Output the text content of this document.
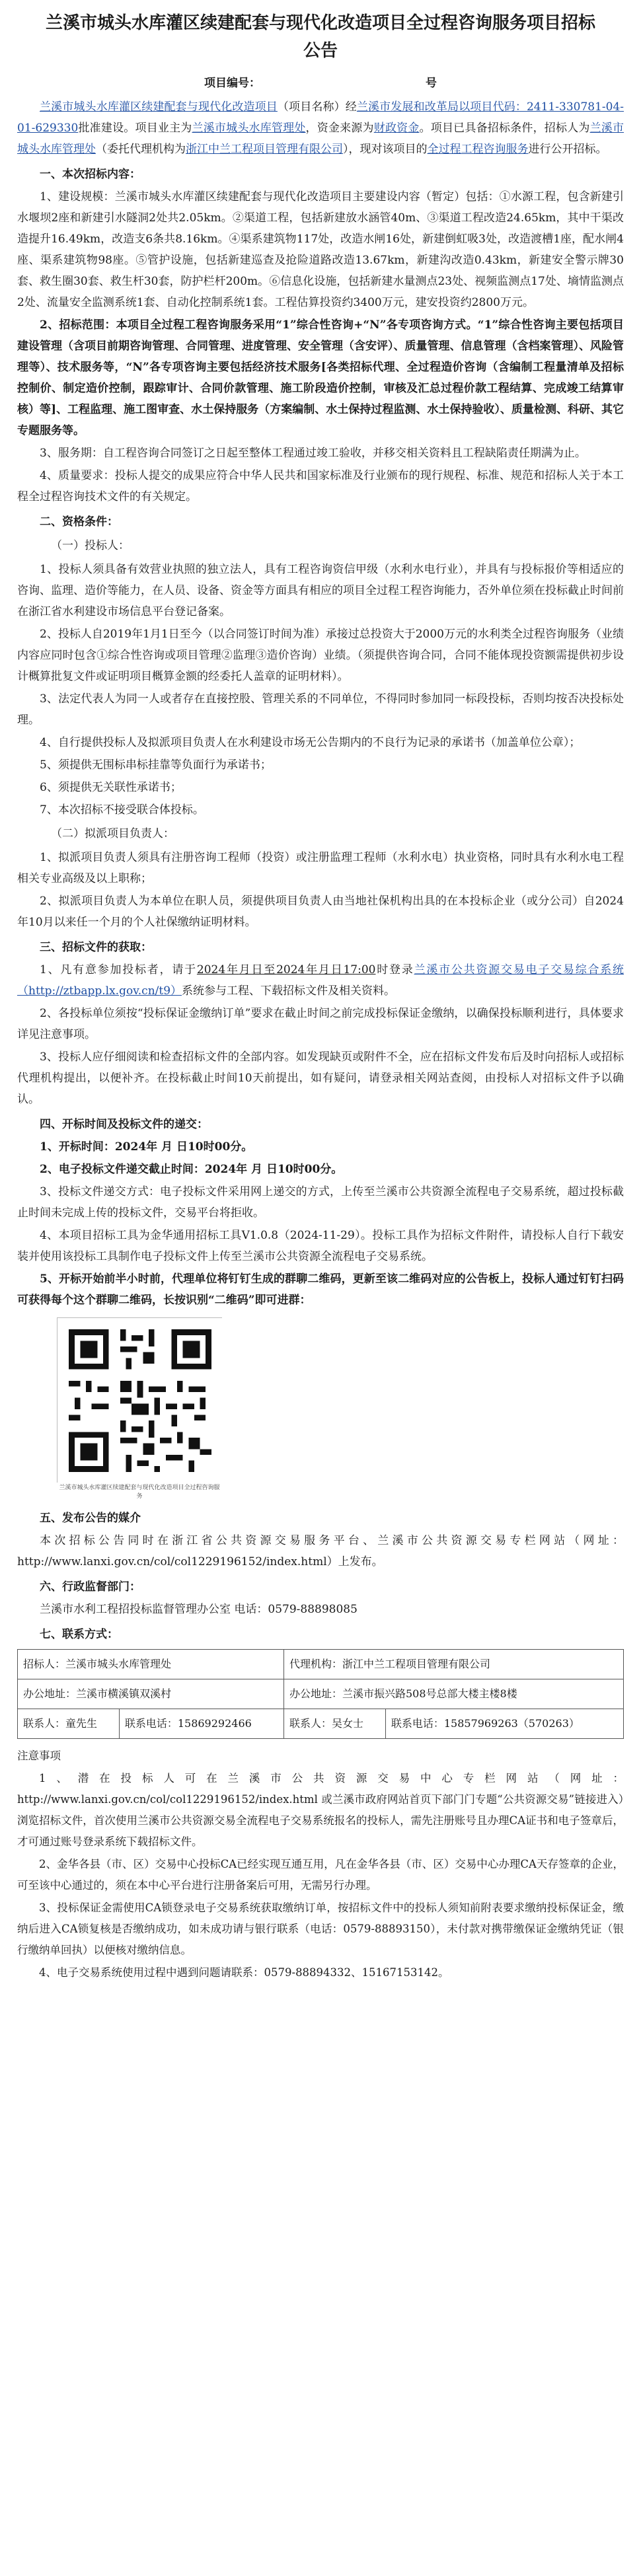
兰溪市城头水库灌区续建配套与现代化改造项目全过程咨询服务项目招标公告
项目编号：	号

兰溪市城头水库灌区续建配套与现代化改造项目（项目名称）经兰溪市发展和改革局以项目代码：2411-330781-04-01-629330批准建设。项目业主为兰溪市城头水库管理处，资金来源为财政资金。项目已具备招标条件，招标人为兰溪市城头水库管理处（委托代理机构为浙江中兰工程项目管理有限公司），现对该项目的全过程工程咨询服务进行公开招标。

一、本次招标内容：

1、建设规模：兰溪市城头水库灌区续建配套与现代化改造项目主要建设内容（暂定）包括：①水源工程，包含新建引水堰坝2座和新建引水隧洞2处共2.05km。②渠道工程，包括新建放水涵管40m、③渠道工程改造24.65km，其中干渠改造提升16.49km，改造支6条共8.16km。④渠系建筑物117处，改造水闸16处，新建倒虹吸3处，改造渡槽1座，配水闸4座、渠系建筑物98座。⑤管护设施，包括新建巡查及抢险道路改造13.67km，新建沟改造0.43km，新建安全警示牌30套、救生圈30套、救生杆30套，防护栏杆200m。⑥信息化设施，包括新建水量测点23处、视频监测点17处、墒情监测点2处、流量安全监测系统1套、自动化控制系统1套。工程估算投资约3400万元，建安投资约2800万元。

2、招标范围：本项目全过程工程咨询服务采用“1”综合性咨询+“N”各专项咨询方式。“1”综合性咨询主要包括项目建设管理（含项目前期咨询管理、合同管理、进度管理、安全管理（含安评）、质量管理、信息管理（含档案管理）、风险管理等）、技术服务等，“N”各专项咨询主要包括经济技术服务[各类招标代理、全过程造价咨询（含编制工程量清单及招标控制价、制定造价控制，跟踪审计、合同价款管理、施工阶段造价控制，审核及汇总过程价款工程结算、完成竣工结算审核）等]、工程监理、施工图审查、水土保持服务（方案编制、水土保持过程监测、水土保持验收）、质量检测、科研、其它专题服务等。

3、服务期：自工程咨询合同签订之日起至整体工程通过竣工验收，并移交相关资料且工程缺陷责任期满为止。

4、质量要求：投标人提交的成果应符合中华人民共和国家标准及行业颁布的现行规程、标准、规范和招标人关于本工程全过程咨询技术文件的有关规定。

二、资格条件：
（一）投标人：

1、投标人须具备有效营业执照的独立法人，具有工程咨询资信甲级（水利水电行业），并具有与投标报价等相适应的咨询、监理、造价等能力，在人员、设备、资金等方面具有相应的项目全过程工程咨询能力，否外单位须在投标截止时间前在浙江省水利建设市场信息平台登记备案。

2、投标人自2019年1月1日至今（以合同签订时间为准）承接过总投资大于2000万元的水利类全过程咨询服务（业绩内容应同时包含①综合性咨询或项目管理②监理③造价咨询）业绩。（须提供咨询合同，合同不能体现投资额需提供初步设计概算批复文件或证明项目概算金额的经委托人盖章的证明材料）。

3、法定代表人为同一人或者存在直接控股、管理关系的不同单位，不得同时参加同一标段投标，否则均按否决投标处理。

4、自行提供投标人及拟派项目负责人在水利建设市场无公告期内的不良行为记录的承诺书（加盖单位公章）；

5、须提供无围标串标挂靠等负面行为承诺书；

6、须提供无关联性承诺书；

7、本次招标不接受联合体投标。

（二）拟派项目负责人：

1、拟派项目负责人须具有注册咨询工程师（投资）或注册监理工程师（水利水电）执业资格，同时具有水利水电工程相关专业高级及以上职称；

2、拟派项目负责人为本单位在职人员，须提供项目负责人由当地社保机构出具的在本投标企业（或分公司）自2024年10月以来任一个月的个人社保缴纳证明材料。

三、招标文件的获取：

1、凡有意参加投标者，请于2024年月日至2024年月日17:00时登录兰溪市公共资源交易电子交易综合系统（http://ztbapp.lx.gov.cn/t9）系统参与工程、下载招标文件及相关资料。

2、各投标单位须按“投标保证金缴纳订单”要求在截止时间之前完成投标保证金缴纳，以确保投标顺利进行，具体要求详见注意事项。

3、投标人应仔细阅读和检查招标文件的全部内容。如发现缺页或附件不全，应在招标文件发布后及时向招标人或招标代理机构提出，以便补齐。在投标截止时间10天前提出，如有疑问，请登录相关网站查阅，由投标人对招标文件予以确认。

四、开标时间及投标文件的递交：

1、开标时间：2024年 月 日10时00分。

2、电子投标文件递交截止时间：2024年 月 日10时00分。

3、投标文件递交方式：电子投标文件采用网上递交的方式，上传至兰溪市公共资源全流程电子交易系统，超过投标截止时间未完成上传的投标文件，交易平台将拒收。

4、本项目招标工具为金华通用招标工具V1.0.8（2024-11-29）。投标工具作为招标文件附件，请投标人自行下载安装并使用该投标工具制作电子投标文件上传至兰溪市公共资源全流程电子交易系统。

5、开标开始前半小时前，代理单位将钉钉生成的群聊二维码，更新至该二维码对应的公告板上，投标人通过钉钉扫码可获得每个这个群聊二维码，长按识别“二维码”即可进群：

兰溪市城头水库灌区续建配套与现代化改造项目全过程咨询服务
五、发布公告的媒介

本次招标公告同时在浙江省公共资源交易服务平台、兰溪市公共资源交易专栏网站（网址：http://www.lanxi.gov.cn/col/col1229196152/index.html）上发布。

六、行政监督部门：

兰溪市水利工程招投标监督管理办公室 电话：0579-88898085

七、联系方式：
招标人：兰溪市城头水库管理处		代理机构：浙江中兰工程项目管理有限公司	
办公地址：兰溪市横溪镇双溪村		办公地址：兰溪市振兴路508号总部大楼主楼8楼	
联系人：童先生	联系电话：15869292466	联系人：吴女士	联系电话：15857969263（570263）

注意事项

1、潜在投标人可在兰溪市公共资源交易中心专栏网站（网址：http://www.lanxi.gov.cn/col/col1229196152/index.html 或兰溪市政府网站首页下部门门专题“公共资源交易”链接进入）浏览招标文件，首次使用兰溪市公共资源交易全流程电子交易系统报名的投标人，需先注册账号且办理CA证书和电子签章后，才可通过账号登录系统下载招标文件。

2、金华各县（市、区）交易中心投标CA已经实现互通互用，凡在金华各县（市、区）交易中心办理CA天存签章的企业，可至该中心通过的，须在本中心平台进行注册备案后可用，无需另行办理。

3、投标保证金需使用CA锁登录电子交易系统获取缴纳订单，按招标文件中的投标人须知前附表要求缴纳投标保证金，缴纳后进入CA锁复核是否缴纳成功，如未成功请与银行联系（电话：0579-88893150），未付款对携带缴保证金缴纳凭证（银行缴纳单回执）以便核对缴纳信息。

4、电子交易系统使用过程中遇到问题请联系：0579-88894332、15167153142。
